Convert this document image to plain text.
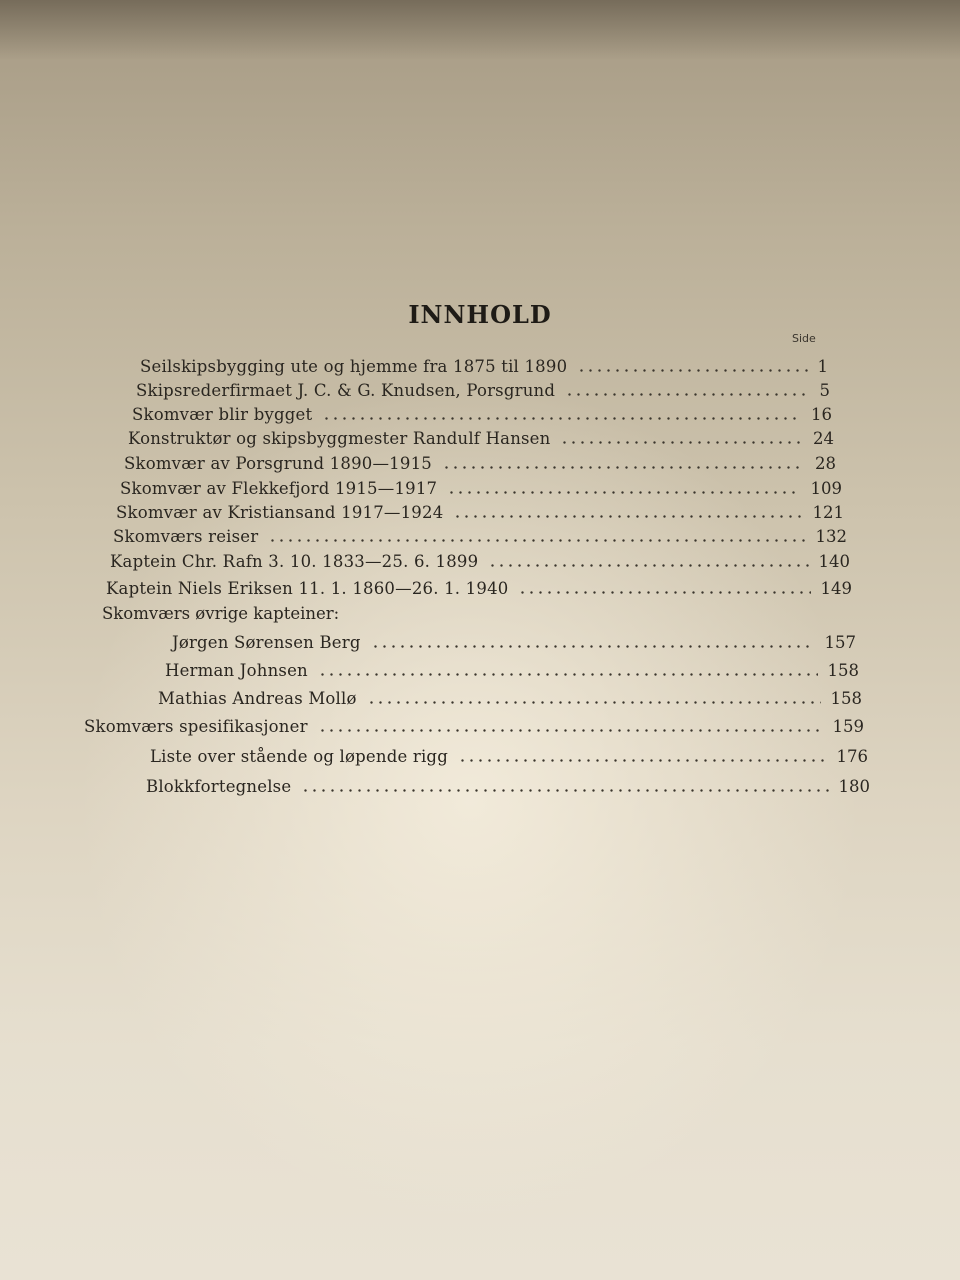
INNHOLD
Side
Seilskipsbygging ute og hjemme fra 1875 til 1890	1
Skipsrederfirmaet J. C. & G. Knudsen, Porsgrund	5
Skomvær blir bygget	16
Konstruktør og skipsbyggmester Randulf Hansen	24
Skomvær av Porsgrund 1890—1915	28
Skomvær av Flekkefjord 1915—1917	109
Skomvær av Kristiansand 1917—1924	121
Skomværs reiser	132
Kaptein Chr. Rafn 3. 10. 1833—25. 6. 1899	140
Kaptein Niels Eriksen 11. 1. 1860—26. 1. 1940	149
Skomværs øvrige kapteiner:
Jørgen Sørensen Berg	157
Herman Johnsen	158
Mathias Andreas Mollø	158
Skomværs spesifikasjoner	159
Liste over stående og løpende rigg	176
Blokkfortegnelse	180
